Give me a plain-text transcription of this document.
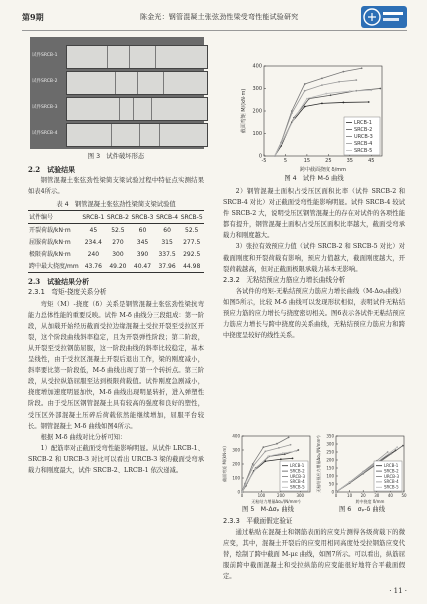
第9期	陈金光：钢管混凝土张弦劲性梁受弯性能试验研究
试件SRCB-1
试件SRCB-2
试件SRCB-3
试件SRCB-4

图 3　试件破坏形态

2.2　试验结果

钢管混凝土张弦劲性梁简支梁试验过程中特征点实测结果如表4所示。

表 4　钢管混凝土张弦劲性梁简支梁试验值

试件编号	SRCB-1	SRCB-2	SRCB-3	SRCB-4	SRCB-5
开裂荷载/kN·m	45	52.5	60	60	52.5
屈服荷载/kN·m	234.4	270	345	315	277.5
极限荷载/kN·m	240	300	390	337.5	292.5
跨中最大挠度/mm	43.76	49.20	40.47	37.96	44.98

2.3　试验结果分析

2.3.1　弯矩-挠度关系分析

弯矩（M）-挠度（δ）关系是钢管混凝土张弦劲性梁抗弯能力总体性能的重要反映。试件 M-δ 曲线分三段组成：第一阶段，从加载开始经历截面受拉边缘混凝土受拉开裂至受拉区开裂，这个阶段曲线斜率稳定，且为开裂弹性阶段；第二阶段，从开裂至受拉钢筋屈服，这一阶段曲线的斜率比较稳定，基本呈线性，由于受拉区混凝土开裂后退出工作，梁的刚度减小，斜率要比第一阶段低，M-δ 曲线出现了第一个转折点。第三阶段，从受拉纵筋屈服至达到极限荷载值。试件刚度急剧减小，挠度增加速度明显加快，M-δ 曲线出现明显转折，进入弹塑性阶段。由于受压区钢管混凝土具有较高的强度和良好的塑性，受压区外部混凝土压碎后荷载依然能继续增加，屈服平台较长。钢管混凝土 M-δ 曲线如图4所示。

根据 M-δ 曲线对比分析可知：

1）配筋率对正截面受弯性能影响明显。从试件 LRCB-1、SRCB-2 和 URCB-3 对比可以看出 URCB-3 梁的截面受弯承载力和刚度最大，试件 SRCB-2、LRCB-1 依次递减。

-5	5	15	25	35	45
0
100
200
300
400
跨中截面挠度 δ/mm
截面弯矩 M/(kN·m)	LRCB-1
SRCB-2
URCB-3
SRCB-4
SRCB-5

图 4　试件 M-δ 曲线

2）钢管混凝土面积占受压区面积比率（试件 SRCB-2 和 SRCB-4 对比）对正截面受弯性能影响明显。试件 SRCB-4 较试件 SRCB-2 大，说明受压区钢管混凝土的存在对试件的各项性能都有提升，钢管混凝土面积占受压区面积比率越大，截面受弯承载力和刚度越大。

3）张拉有效预应力值（试件 SRCB-2 和 SRCB-5 对比）对截面刚度和开裂荷载有影响，预应力值越大，截面刚度越大，开裂荷载越高，但对正截面极限承载力基本无影响。

2.3.2　无粘结预应力筋应力增长曲线分析

各试件的弯矩-无粘结预应力筋应力增长曲线（M-Δσₚ曲线）如图5所示，比较 M-δ 曲线可以发现形状相似，表明试件无粘结预应力筋的应力增长与挠度密切相关。图6表示各试件无粘结预应力筋应力增长与跨中挠度的关系曲线，无粘结预应力筋应力和跨中挠度呈较好的线性关系。

0	100	200	300
0
100
200
300
400
无粘结力增量Δσₚ/(N/mm²)
截面弯矩 M/(kN·m)	LRCB-1
SRCB-2
URCB-3
SRCB-4
SRCB-5
0 10 20 30 40 50
0
50
100
150
200
250
300
350
跨中挠度 δ/mm
无粘结预应力增量Δσₚ/(N/mm²)	LRCB-1
SRCB-2
URCB-3
SRCB-4
SRCB-5

图 5　M-Δσₚ 曲线	图 6　σₚ-δ 曲线

2.3.3　平截面假定验证

通过粘贴在混凝土和钢筋表面的应变片测得各级荷载下的微应变，其中，混凝土开裂后的应变用相同高度处受拉钢筋应变代替，绘制了跨中截面 M-με 曲线，如图7所示。可以看出，纵筋屈服前跨中截面混凝土和受拉纵筋的应变能很好地符合平截面假定。

· 11 ·
